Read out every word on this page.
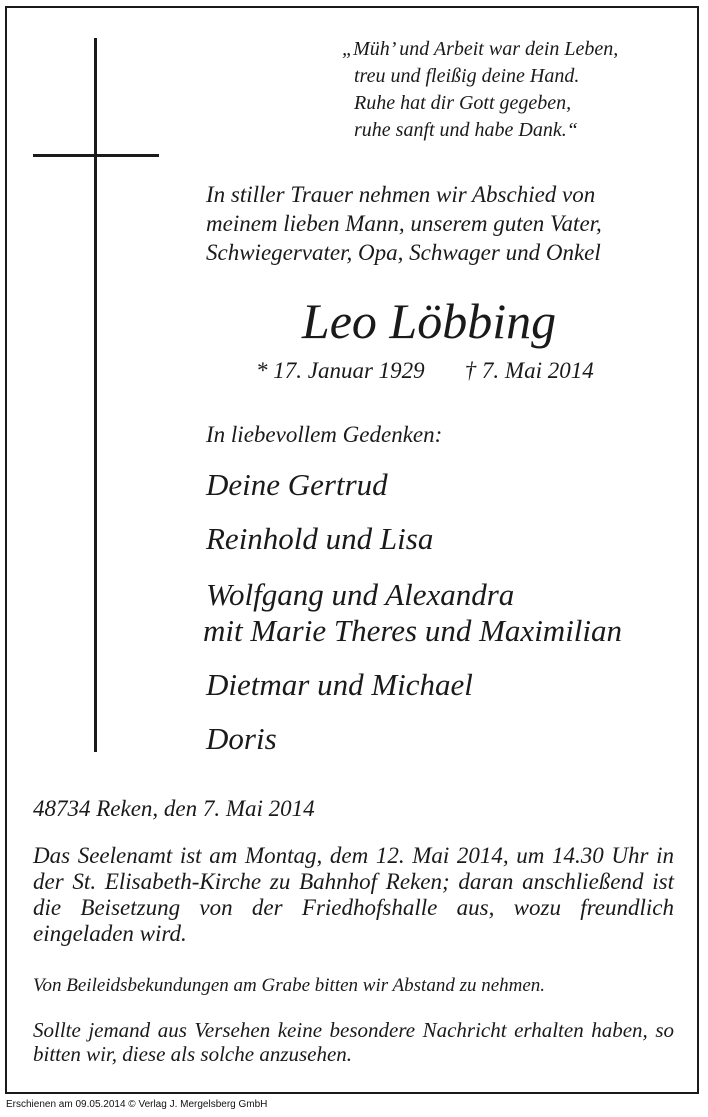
„Müh’ und Arbeit war dein Leben,
treu und fleißig deine Hand.
Ruhe hat dir Gott gegeben,
ruhe sanft und habe Dank.“
In stiller Trauer nehmen wir Abschied von
meinem lieben Mann, unserem guten Vater,
Schwiegervater, Opa, Schwager und Onkel
Leo Löbbing
* 17. Januar 1929 † 7. Mai 2014
In liebevollem Gedenken:
Deine Gertrud
Reinhold und Lisa
Wolfgang und Alexandra
mit Marie Theres und Maximilian
Dietmar und Michael
Doris
48734 Reken, den 7. Mai 2014
Das Seelenamt ist am Montag, dem 12. Mai 2014, um 14.30 Uhr in der St. Elisabeth-Kirche zu Bahnhof Reken; daran anschließend ist die Beisetzung von der Friedhofshalle aus, wozu freundlich eingeladen wird.
Von Beileidsbekundungen am Grabe bitten wir Abstand zu nehmen.
Sollte jemand aus Versehen keine besondere Nachricht erhalten haben, so bitten wir, diese als solche anzusehen.
Erschienen am 09.05.2014 © Verlag J. Mergelsberg GmbH
